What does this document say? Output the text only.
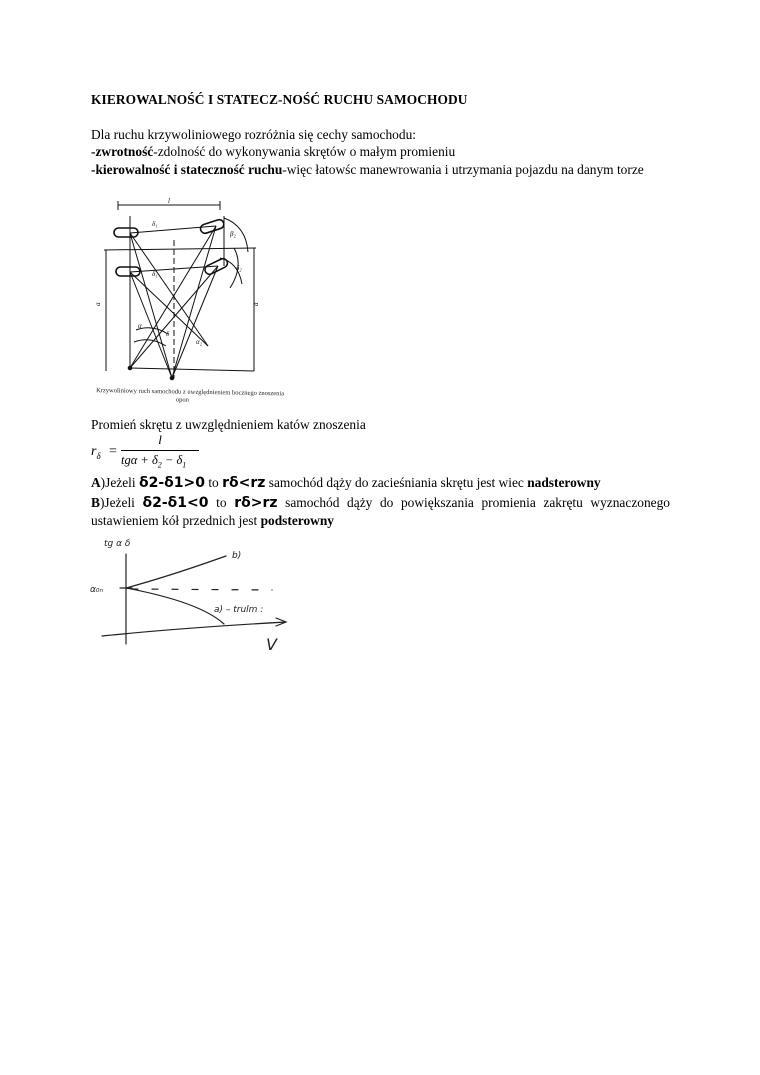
KIEROWALNOŚĆ I STATECZ-NOŚĆ RUCHU SAMOCHODU
Dla ruchu krzywoliniowego rozróżnia się cechy samochodu:
-zwrotność-zdolność do wykonywania skrętów o małym promieniu
-kierowalność i stateczność ruchu-więc łatowśc manewrowania i utrzymania pojazdu na danym torze
l
a	a
δ₁
δ₁
β₂
δ₂
α
δ
α₂
Krzywoliniowy ruch samochodu z uwzględnieniem bocznego znoszenia
opon
Promień skrętu z uwzględnieniem katów znoszenia
$r_\delta$ =
l
$tg\alpha + \delta_2 - \delta_1$
A)Jeżeli δ2-δ1>0 to rδ<rz samochód dąży do zacieśniania skrętu jest wiec nadsterowny
B)Jeżeli δ2-δ1<0 to rδ>rz samochód dąży do powiększania promienia zakrętu wyznaczonego ustawieniem kół przednich jest podsterowny
tg α δ
α₀ₙ
b)
a) – trulm :
V
